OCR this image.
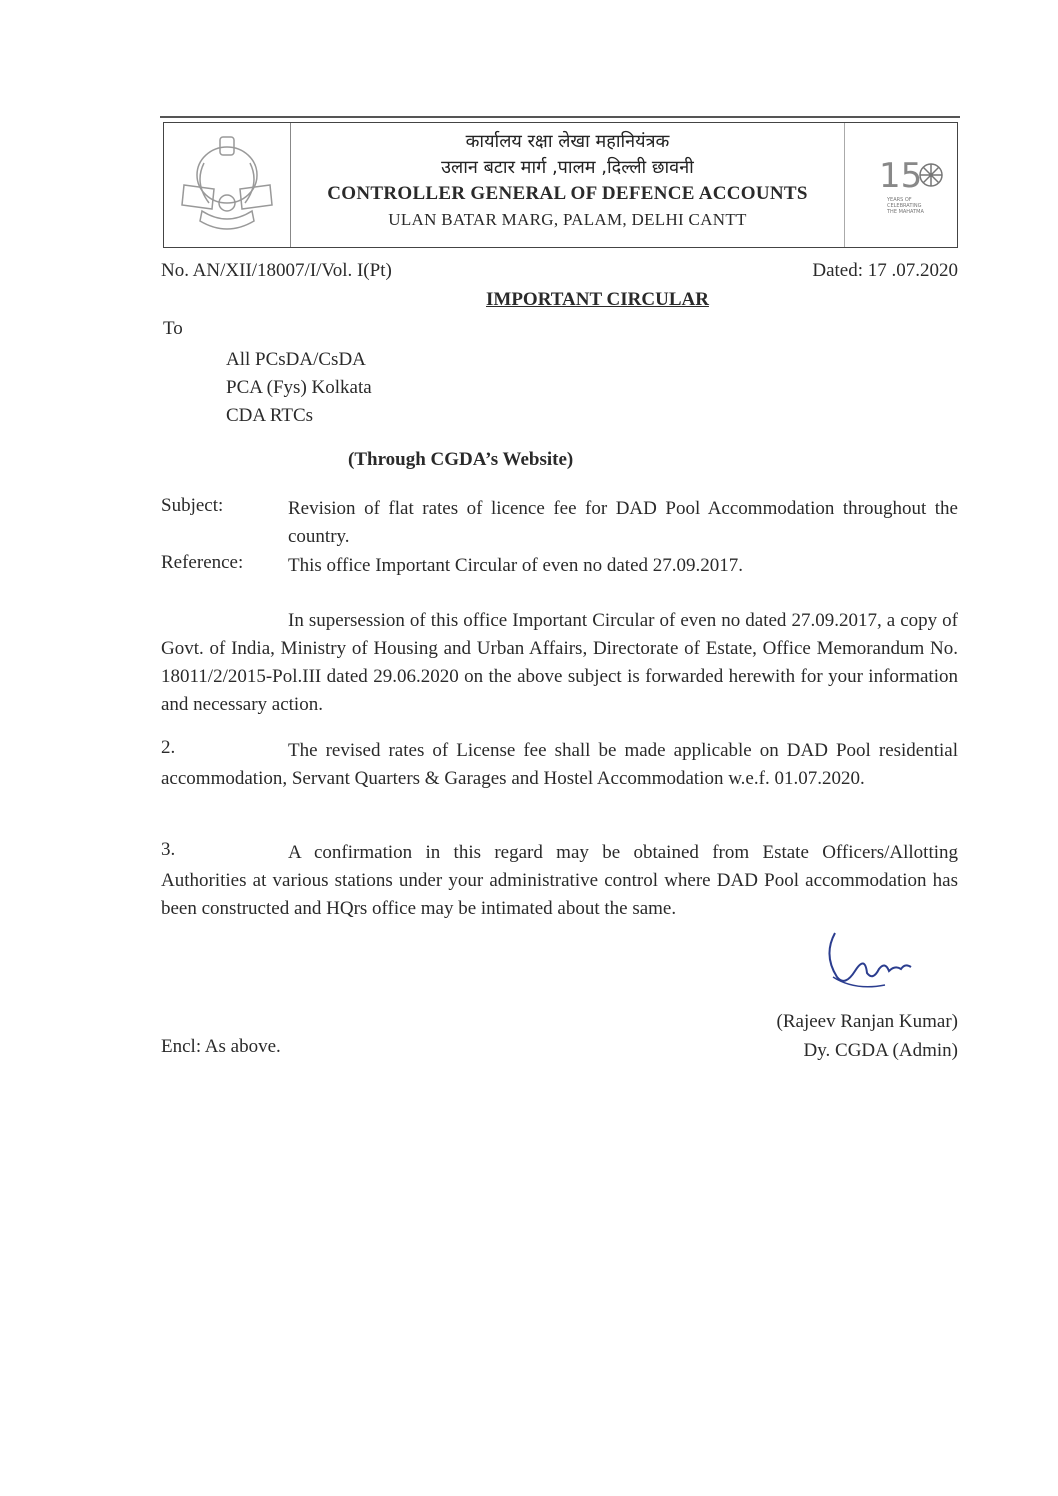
कार्यालय रक्षा लेखा महानियंत्रक
उलान बटार मार्ग ,पालम ,दिल्ली छावनी
CONTROLLER GENERAL OF DEFENCE ACCOUNTS
ULAN BATAR MARG, PALAM, DELHI CANTT
15
YEARS OF
CELEBRATING
THE MAHATMA
No. AN/XII/18007/I/Vol. I(Pt)	Dated: 17 .07.2020
IMPORTANT CIRCULAR
To
All PCsDA/CsDA
PCA (Fys) Kolkata
CDA RTCs
(Through CGDA’s Website)
Subject:	Revision of flat rates of licence fee for DAD Pool Accommodation throughout the country.
Reference: This office Important Circular of even no dated 27.09.2017.
In supersession of this office Important Circular of even no dated 27.09.2017, a copy of Govt. of India, Ministry of Housing and Urban Affairs, Directorate of Estate, Office Memorandum No. 18011/2/2015-Pol.III dated 29.06.2020 on the above subject is forwarded herewith for your information and necessary action.
2.	The revised rates of License fee shall be made applicable on DAD Pool residential accommodation, Servant Quarters & Garages and Hostel Accommodation w.e.f. 01.07.2020.
3.	A confirmation in this regard may be obtained from Estate Officers/Allotting Authorities at various stations under your administrative control where DAD Pool accommodation has been constructed and HQrs office may be intimated about the same.
(Rajeev Ranjan Kumar)
Dy. CGDA (Admin)
Encl: As above.
